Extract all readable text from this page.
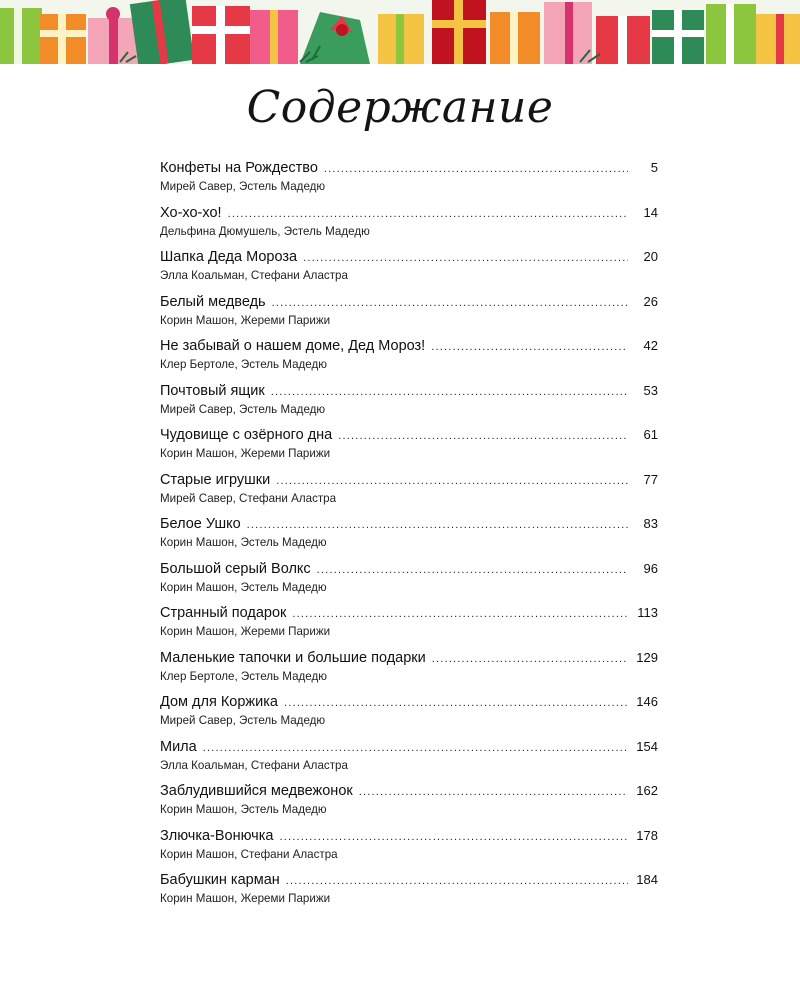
Содержание
Конфеты на Рождество .....	5
Мирей Савер, Эстель Мадедю
Хо-хо-хо! .....	14
Дельфина Дюмушель, Эстель Мадедю
Шапка Деда Мороза .....	20
Элла Коальман, Стефани Аластра
Белый медведь .....	26
Корин Машон, Жереми Парижи
Не забывай о нашем доме, Дед Мороз! .....	42
Клер Бертоле, Эстель Мадедю
Почтовый ящик .....	53
Мирей Савер, Эстель Мадедю
Чудовище с озёрного дна .....	61
Корин Машон, Жереми Парижи
Старые игрушки .....	77
Мирей Савер, Стефани Аластра
Белое Ушко .....	83
Корин Машон, Эстель Мадедю
Большой серый Волкс .....	96
Корин Машон, Эстель Мадедю
Странный подарок .....	113
Корин Машон, Жереми Парижи
Маленькие тапочки и большие подарки .....	129
Клер Бертоле, Эстель Мадедю
Дом для Коржика .....	146
Мирей Савер, Эстель Мадедю
Мила .....	154
Элла Коальман, Стефани Аластра
Заблудившийся медвежонок .....	162
Корин Машон, Эстель Мадедю
Злючка-Вонючка .....	178
Корин Машон, Стефани Аластра
Бабушкин карман .....	184
Корин Машон, Жереми Парижи
